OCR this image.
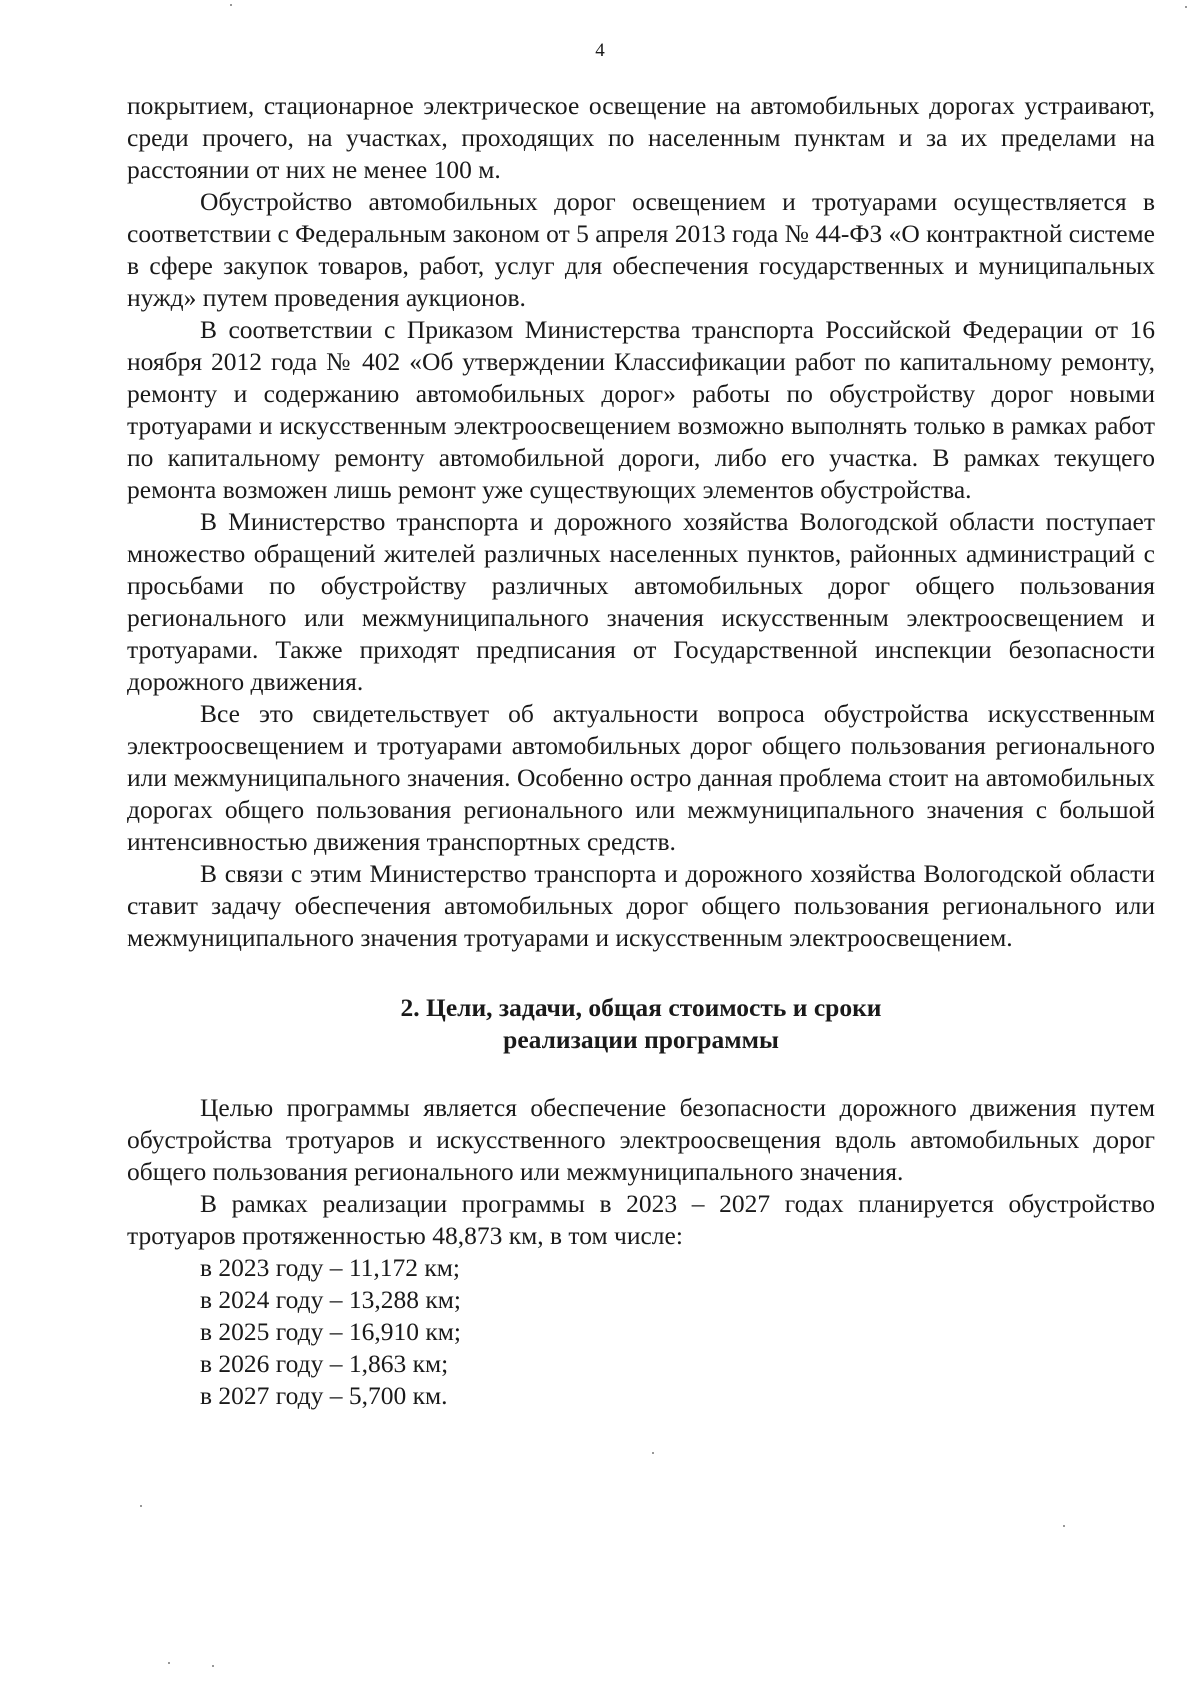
4

покрытием, стационарное электрическое освещение на автомобильных дорогах устраивают, среди прочего, на участках, проходящих по населенным пунктам и за их пределами на расстоянии от них не менее 100 м.

Обустройство автомобильных дорог освещением и тротуарами осуществляется в соответствии с Федеральным законом от 5 апреля 2013 года № 44-ФЗ «О контрактной системе в сфере закупок товаров, работ, услуг для обеспечения государственных и муниципальных нужд» путем проведения аукционов.

В соответствии с Приказом Министерства транспорта Российской Федерации от 16 ноября 2012 года № 402 «Об утверждении Классификации работ по капитальному ремонту, ремонту и содержанию автомобильных дорог» работы по обустройству дорог новыми тротуарами и искусственным электроосвещением возможно выполнять только в рамках работ по капитальному ремонту автомобильной дороги, либо его участка. В рамках текущего ремонта возможен лишь ремонт уже существующих элементов обустройства.

В Министерство транспорта и дорожного хозяйства Вологодской области поступает множество обращений жителей различных населенных пунктов, районных администраций с просьбами по обустройству различных автомобильных дорог общего пользования регионального или межмуниципального значения искусственным электроосвещением и тротуарами. Также приходят предписания от Государственной инспекции безопасности дорожного движения.

Все это свидетельствует об актуальности вопроса обустройства искусственным электроосвещением и тротуарами автомобильных дорог общего пользования регионального или межмуниципального значения. Особенно остро данная проблема стоит на автомобильных дорогах общего пользования регионального или межмуниципального значения с большой интенсивностью движения транспортных средств.

В связи с этим Министерство транспорта и дорожного хозяйства Вологодской области ставит задачу обеспечения автомобильных дорог общего пользования регионального или межмуниципального значения тротуарами и искусственным электроосвещением.

2. Цели, задачи, общая стоимость и сроки
реализации программы

Целью программы является обеспечение безопасности дорожного движения путем обустройства тротуаров и искусственного электроосвещения вдоль автомобильных дорог общего пользования регионального или межмуниципального значения.

В рамках реализации программы в 2023 – 2027 годах планируется обустройство тротуаров протяженностью 48,873 км, в том числе:

в 2023 году – 11,172 км;
в 2024 году – 13,288 км;
в 2025 году – 16,910 км;
в 2026 году – 1,863 км;
в 2027 году – 5,700 км.
